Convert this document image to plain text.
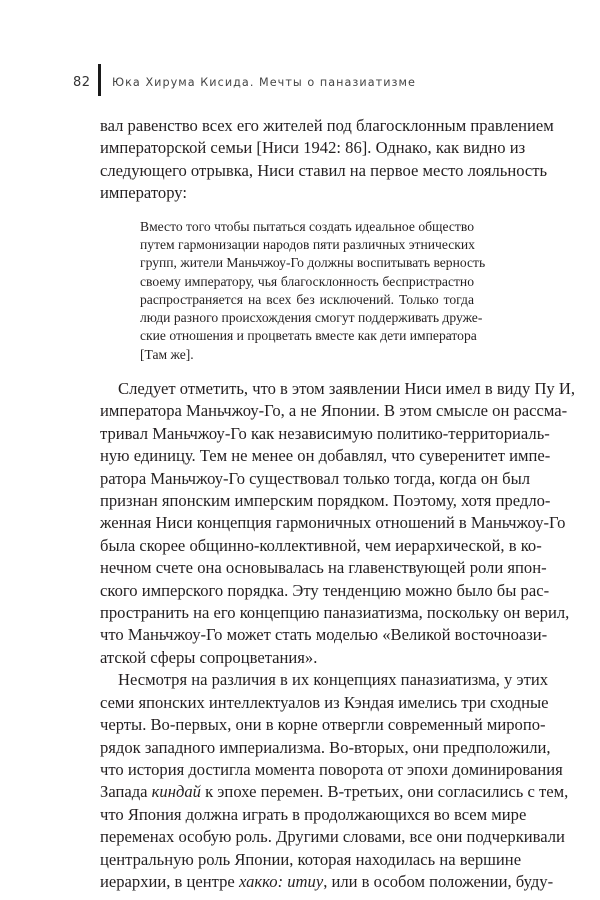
82 Юка Хирума Кисида. Мечты о паназиатизме

вал равенство всех его жителей под благосклонным правлением
императорской семьи [Ниси 1942: 86]. Однако, как видно из
следующего отрывка, Ниси ставил на первое место лояльность
императору:

Вместо того чтобы пытаться создать идеальное общество
путем гармонизации народов пяти различных этнических
групп, жители Маньчжоу-Го должны воспитывать верность
своему императору, чья благосклонность беспристрастно
распространяется на всех без исключений. Только тогда
люди разного происхождения смогут поддерживать друже-
ские отношения и процветать вместе как дети императора
[Там же].

Следует отметить, что в этом заявлении Ниси имел в виду Пу И,
императора Маньчжоу-Го, а не Японии. В этом смысле он рассма-
тривал Маньчжоу-Го как независимую политико-территориаль-
ную единицу. Тем не менее он добавлял, что суверенитет импе-
ратора Маньчжоу-Го существовал только тогда, когда он был
признан японским имперским порядком. Поэтому, хотя предло-
женная Ниси концепция гармоничных отношений в Маньчжоу-Го
была скорее общинно-коллективной, чем иерархической, в ко-
нечном счете она основывалась на главенствующей роли япон-
ского имперского порядка. Эту тенденцию можно было бы рас-
пространить на его концепцию паназиатизма, поскольку он верил,
что Маньчжоу-Го может стать моделью «Великой восточноази-
атской сферы сопроцветания».

Несмотря на различия в их концепциях паназиатизма, у этих
семи японских интеллектуалов из Кэндая имелись три сходные
черты. Во-первых, они в корне отвергли современный миропо-
рядок западного империализма. Во-вторых, они предположили,
что история достигла момента поворота от эпохи доминирования
Запада киндай к эпохе перемен. В-третьих, они согласились с тем,
что Япония должна играть в продолжающихся во всем мире
переменах особую роль. Другими словами, все они подчеркивали
центральную роль Японии, которая находилась на вершине
иерархии, в центре хакко: итиу, или в особом положении, буду-
